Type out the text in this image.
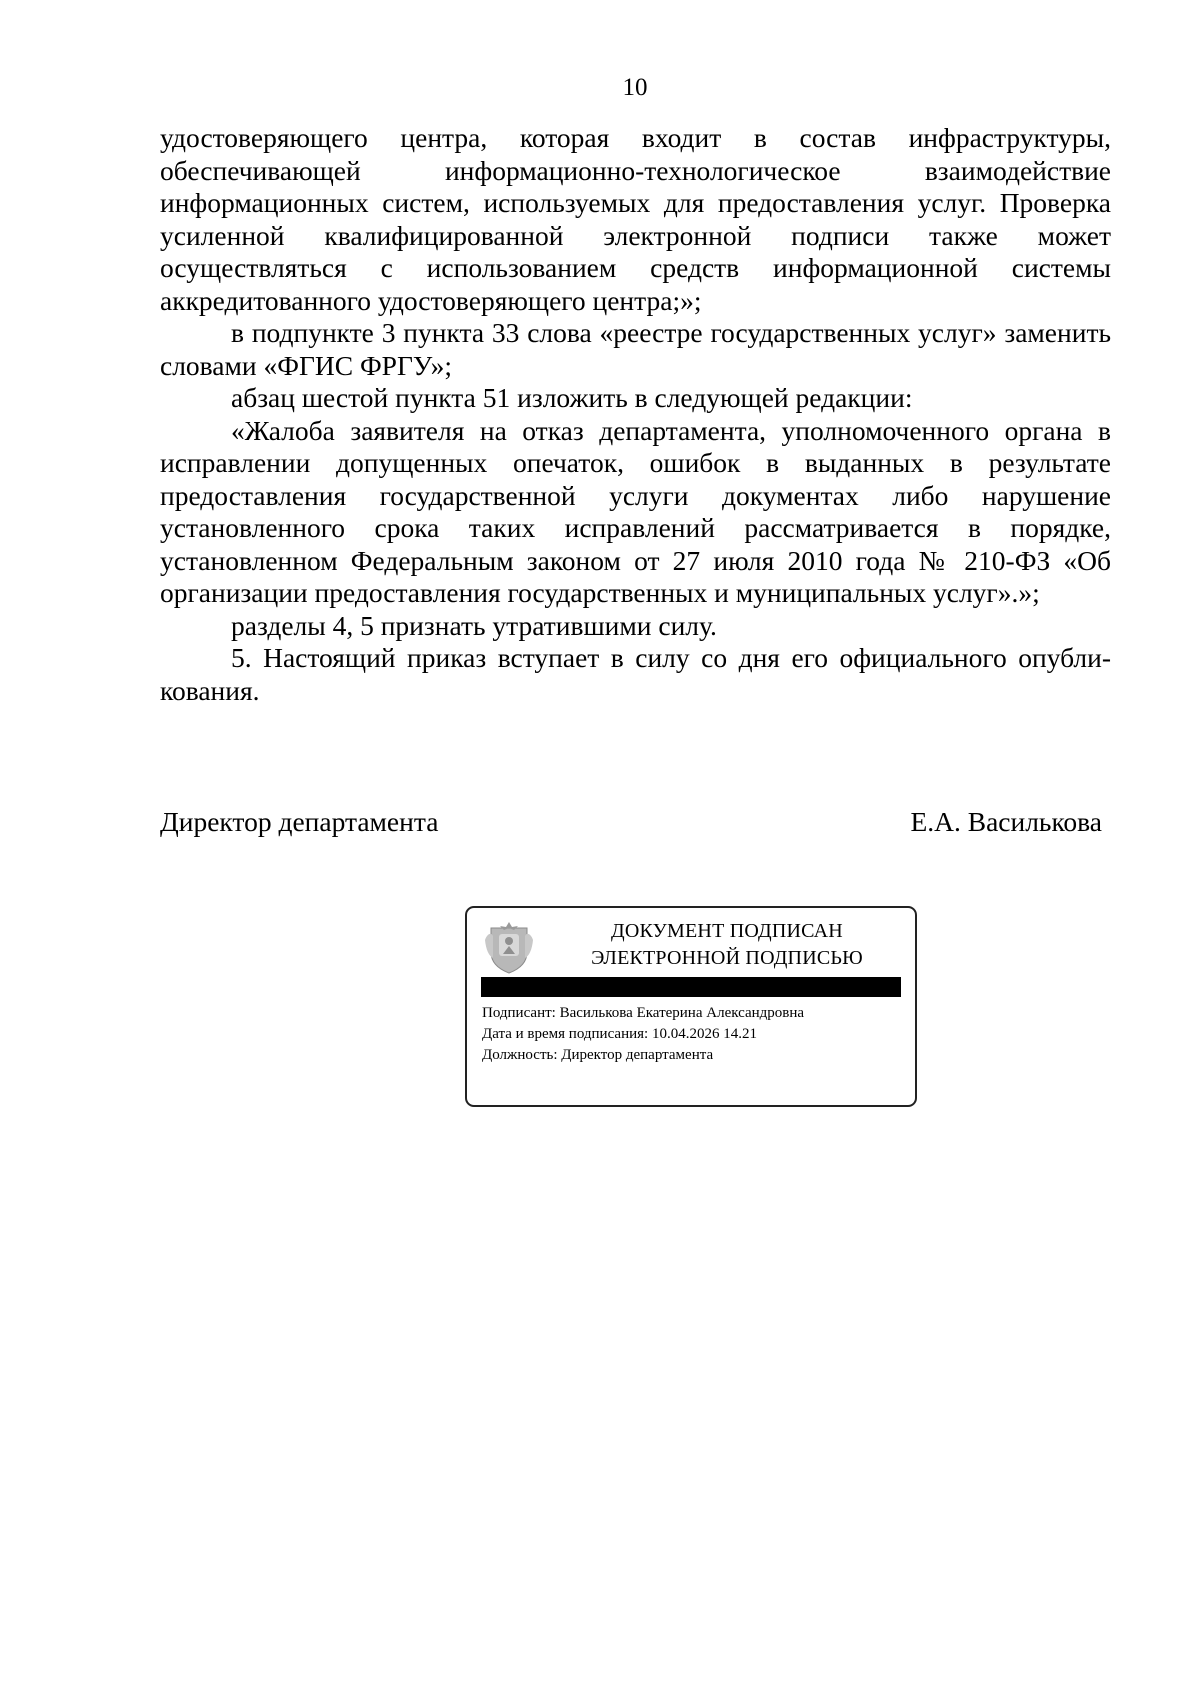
10

удостоверяющего центра, которая входит в состав инфраструктуры, обеспечивающей информационно-технологическое взаимодействие информационных систем, используемых для предоставления услуг. Проверка усиленной квалифицированной электронной подписи также может осуществляться с использованием средств информационной системы аккредитованного удостоверяющего центра;»;

в подпункте 3 пункта 33 слова «реестре государственных услуг» заменить словами «ФГИС ФРГУ»;

абзац шестой пункта 51 изложить в следующей редакции:

«Жалоба заявителя на отказ департамента, уполномоченного органа в исправлении допущенных опечаток, ошибок в выданных в результате предоставления государственной услуги документах либо нарушение установленного срока таких исправлений рассматривается в порядке, установленном Федеральным законом от 27 июля 2010 года № 210-ФЗ «Об организации предоставления государственных и муниципальных услуг».»;

разделы 4, 5 признать утратившими силу.

5. Настоящий приказ вступает в силу со дня его официального опубликования.

Директор департамента	Е.А. Василькова
ДОКУМЕНТ ПОДПИСАН
ЭЛЕКТРОННОЙ ПОДПИСЬЮ
Подписант: Василькова Екатерина Александровна
Дата и время подписания: 10.04.2026 14.21
Должность: Директор департамента
